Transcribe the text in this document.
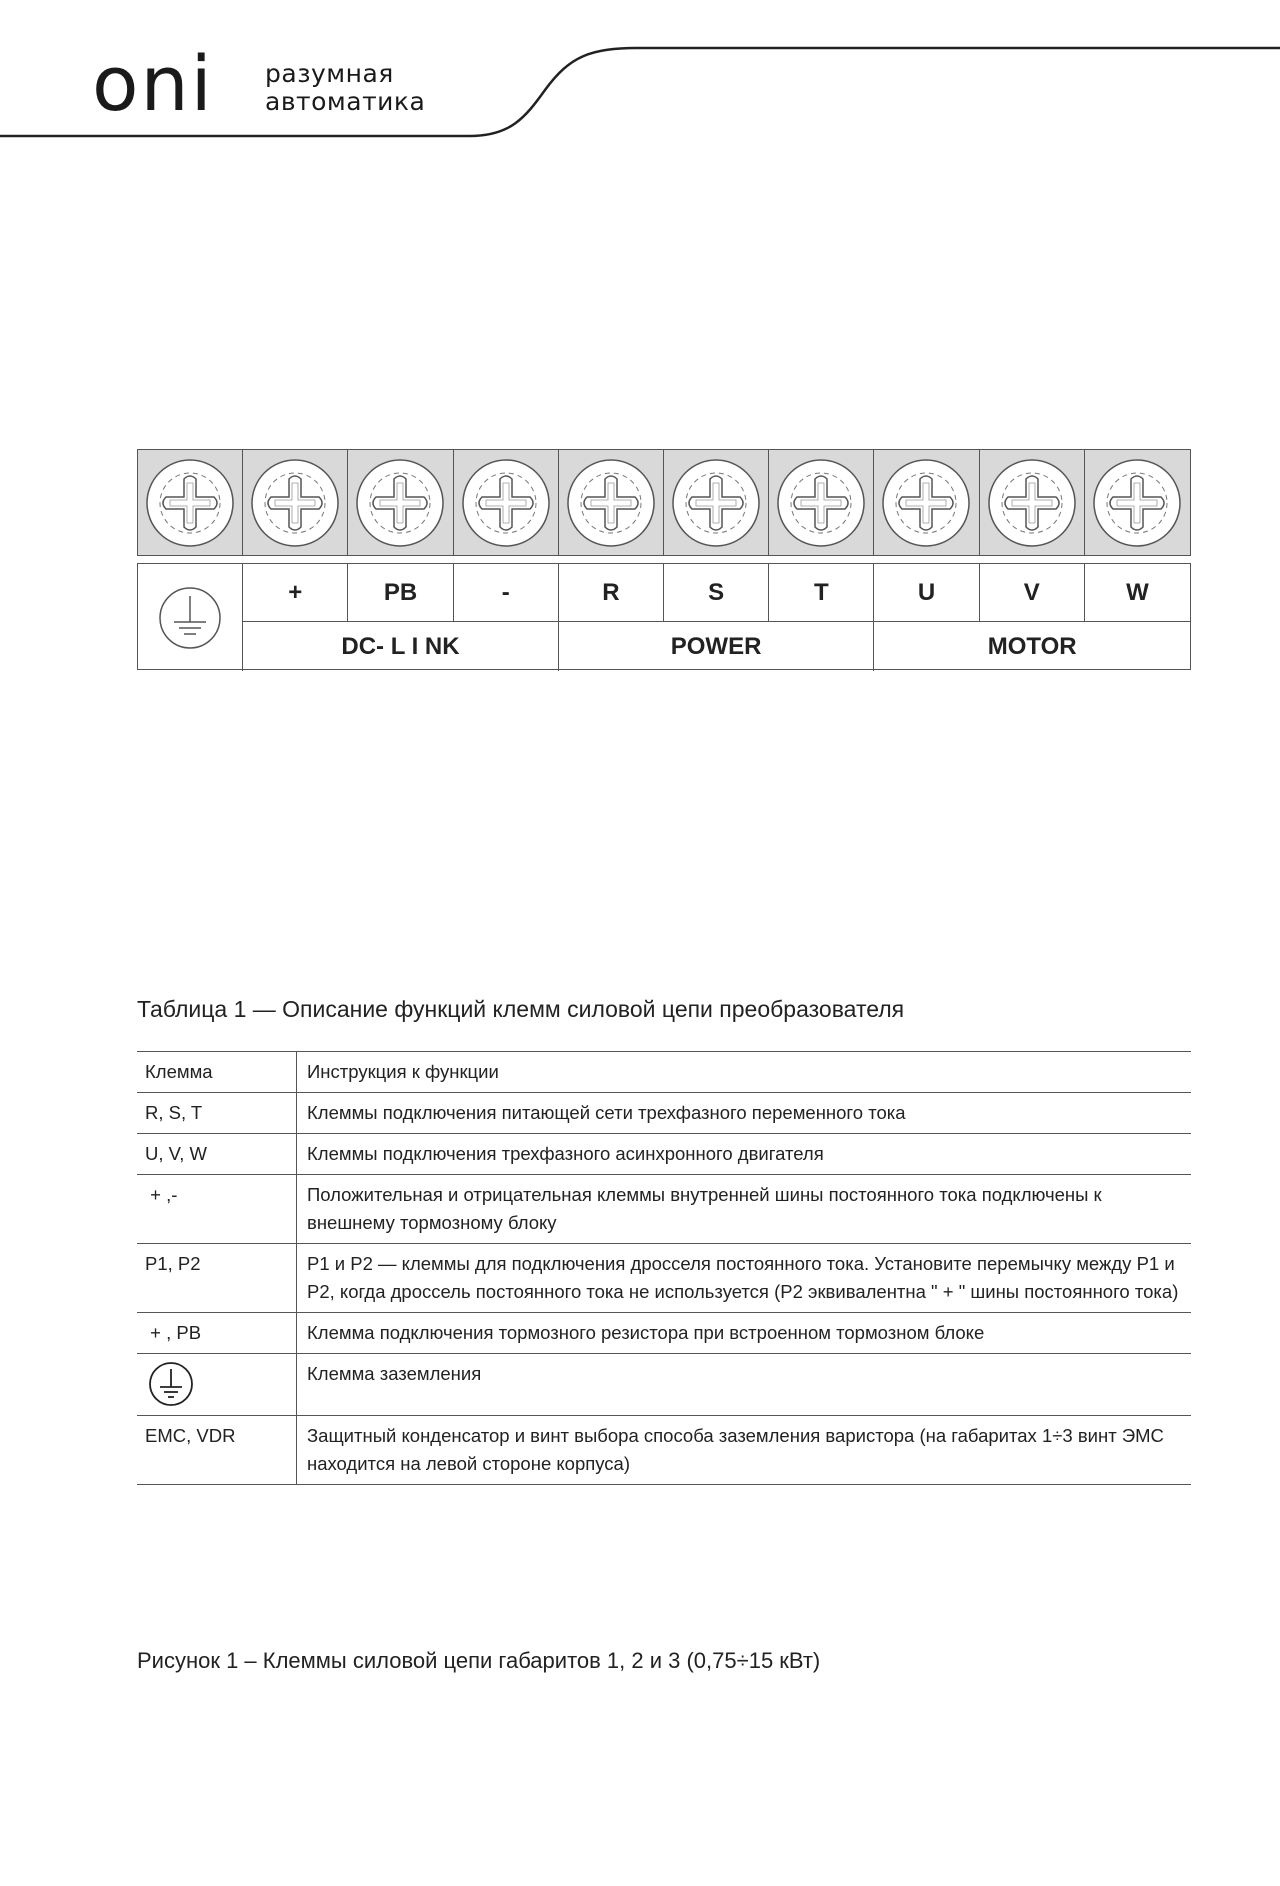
oni разумная
автоматика
+	PB	-	R	S	T	U	V	W
DC- L I NK	POWER	MOTOR
Таблица 1 — Описание функций клемм силовой цепи преобразователя
Клемма	Инструкция к функции
R, S, T	Клеммы подключения питающей сети трехфазного переменного тока
U, V, W	Клеммы подключения трехфазного асинхронного двигателя
+ ,-	Положительная и отрицательная клеммы внутренней шины постоянного тока подключены к внешнему тормозному блоку
P1, P2	P1 и P2 — клеммы для подключения дросселя постоянного тока. Установите перемычку между P1 и P2, когда дроссель постоянного тока не используется (P2 эквивалентна " + " шины постоянного тока)
+ , PB	Клемма подключения тормозного резистора при встроенном тормозном блоке

	Клемма заземления
EMC, VDR	Защитный конденсатор и винт выбора способа заземления варистора (на габаритах 1÷3 винт ЭМС находится на левой стороне корпуса)
Рисунок 1 – Клеммы силовой цепи габаритов 1, 2 и 3 (0,75÷15 кВт)
